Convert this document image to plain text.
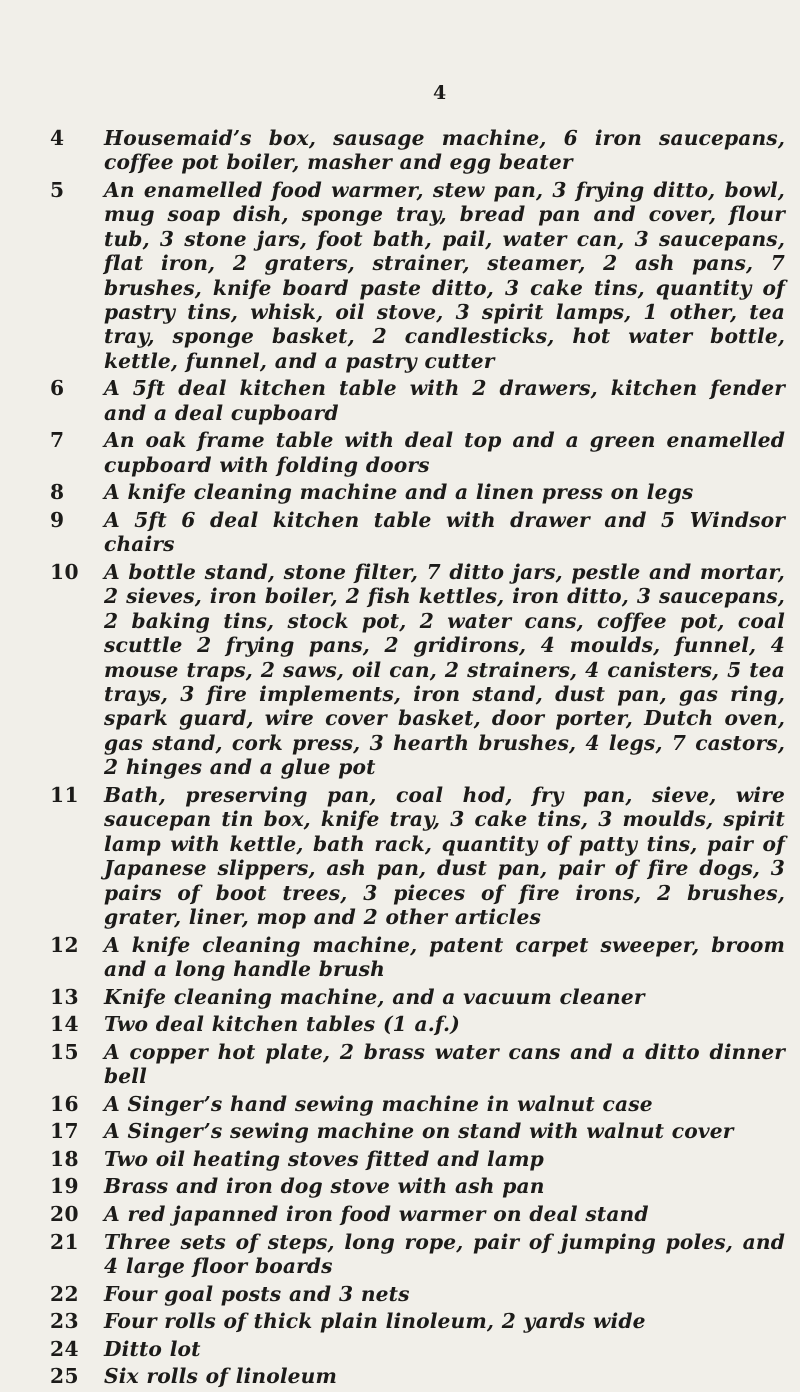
4
4	Housemaid’s box, sausage machine, 6 iron saucepans, coffee pot boiler, masher and egg beater
5	An enamelled food warmer, stew pan, 3 frying ditto, bowl, mug soap dish, sponge tray, bread pan and cover, flour tub, 3 stone jars, foot bath, pail, water can, 3 saucepans, flat iron, 2 graters, strainer, steamer, 2 ash pans, 7 brushes, knife board paste ditto, 3 cake tins, quantity of pastry tins, whisk, oil stove, 3 spirit lamps, 1 other, tea tray, sponge basket, 2 candlesticks, hot water bottle, kettle, funnel, and a pastry cutter
6	A 5ft deal kitchen table with 2 drawers, kitchen fender and a deal cupboard
7	An oak frame table with deal top and a green enamelled cupboard with folding doors
8	A knife cleaning machine and a linen press on legs
9	A 5ft 6 deal kitchen table with drawer and 5 Windsor chairs
10	A bottle stand, stone filter, 7 ditto jars, pestle and mortar, 2 sieves, iron boiler, 2 fish kettles, iron ditto, 3 saucepans, 2 baking tins, stock pot, 2 water cans, coffee pot, coal scuttle 2 frying pans, 2 gridirons, 4 moulds, funnel, 4 mouse traps, 2 saws, oil can, 2 strainers, 4 canisters, 5 tea trays, 3 fire implements, iron stand, dust pan, gas ring, spark guard, wire cover basket, door porter, Dutch oven, gas stand, cork press, 3 hearth brushes, 4 legs, 7 castors, 2 hinges and a glue pot
11	Bath, preserving pan, coal hod, fry pan, sieve, wire saucepan tin box, knife tray, 3 cake tins, 3 moulds, spirit lamp with kettle, bath rack, quantity of patty tins, pair of Japanese slippers, ash pan, dust pan, pair of fire dogs, 3 pairs of boot trees, 3 pieces of fire irons, 2 brushes, grater, liner, mop and 2 other articles
12	A knife cleaning machine, patent carpet sweeper, broom and a long handle brush
13	Knife cleaning machine, and a vacuum cleaner
14	Two deal kitchen tables (1 a.f.)
15	A copper hot plate, 2 brass water cans and a ditto dinner bell
16	A Singer’s hand sewing machine in walnut case
17	A Singer’s sewing machine on stand with walnut cover
18	Two oil heating stoves fitted and lamp
19	Brass and iron dog stove with ash pan
20	A red japanned iron food warmer on deal stand
21	Three sets of steps, long rope, pair of jumping poles, and 4 large floor boards
22	Four goal posts and 3 nets
23	Four rolls of thick plain linoleum, 2 yards wide
24	Ditto lot
25	Six rolls of linoleum
